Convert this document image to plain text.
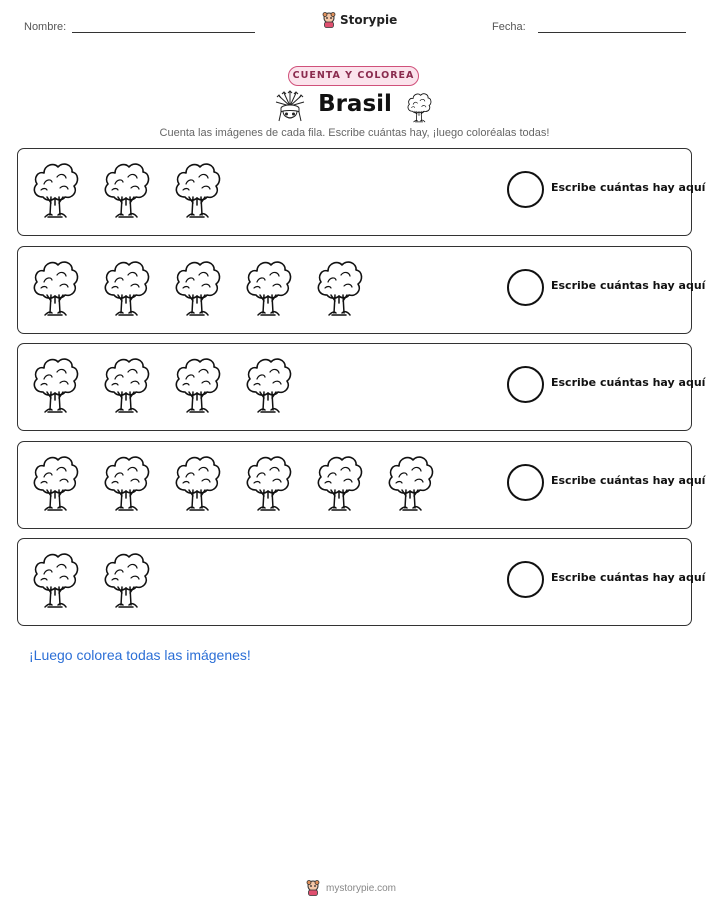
Nombre:	Storypie	Fecha:
CUENTA Y COLOREA
Brasil
Cuenta las imágenes de cada fila. Escribe cuántas hay, ¡luego coloréalas todas!
Escribe cuántas hay aquí
Escribe cuántas hay aquí
Escribe cuántas hay aquí
Escribe cuántas hay aquí
Escribe cuántas hay aquí
¡Luego colorea todas las imágenes!
mystorypie.com
